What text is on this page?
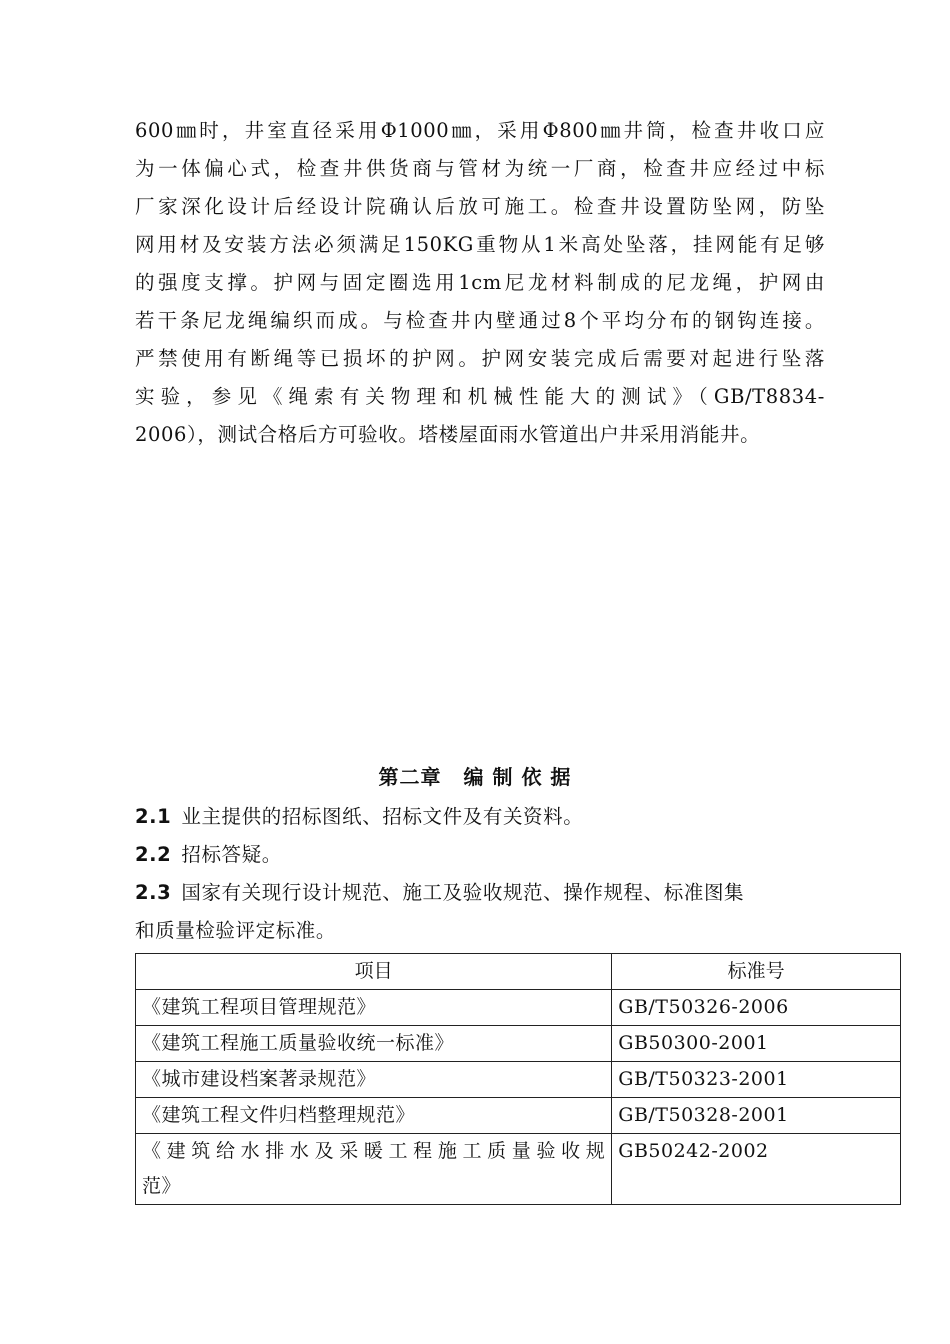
600㎜时，井室直径采用Φ1000㎜，采用Φ800㎜井筒，检查井收口应
为一体偏心式，检查井供货商与管材为统一厂商，检查井应经过中标
厂家深化设计后经设计院确认后放可施工。检查井设置防坠网，防坠
网用材及安装方法必须满足150KG重物从1米高处坠落，挂网能有足够
的强度支撑。护网与固定圈选用1cm尼龙材料制成的尼龙绳，护网由
若干条尼龙绳编织而成。与检查井内壁通过8个平均分布的钢钩连接。
严禁使用有断绳等已损坏的护网。护网安装完成后需要对起进行坠落
实验，参见《绳索有关物理和机械性能大的测试》（GB/T8834-
2006），测试合格后方可验收。塔楼屋面雨水管道出户井采用消能井。
第二章 编 制 依 据
2.1 业主提供的招标图纸、招标文件及有关资料。
2.2 招标答疑。
2.3 国家有关现行设计规范、施工及验收规范、操作规程、标准图集
和质量检验评定标准。
项目	标准号
《建筑工程项目管理规范》	GB/T50326-2006
《建筑工程施工质量验收统一标准》	GB50300-2001
《城市建设档案著录规范》	GB/T50323-2001
《建筑工程文件归档整理规范》	GB/T50328-2001

《建筑给水排水及采暖工程施工质量验收规
范》	GB50242-2002
